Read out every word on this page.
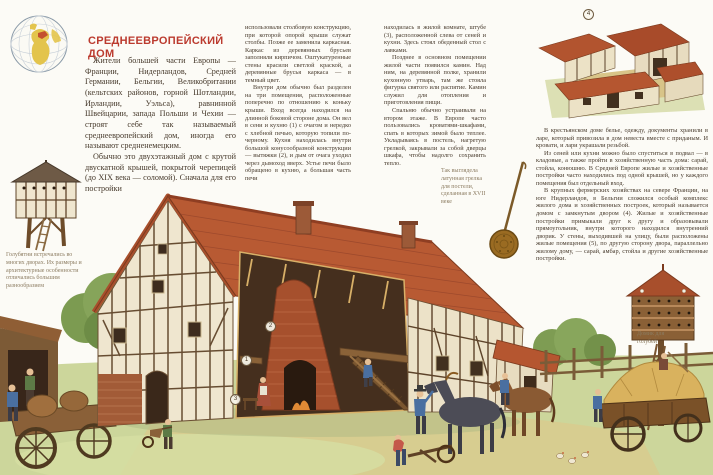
СРЕДНЕЕВРОПЕЙСКИЙ
ДОМ

Жители большей части Европы — Франции, Нидерландов, Средней Германии, Бельгии, Великобритании (кельтских районов, горной Шотландии, Ирландии, Уэльса), равнинной Швейцарии, запада Польши и Чехии — строят себе так называемый среднеевропейский дом, иногда его называют средненемецким.

Обычно это двухэтажный дом с крутой двускатной крышей, покрытой черепицей (до XIX века — соломой). Сначала для его постройки

использовали столбовую конструкцию, при которой опорой крыши служат столбы. Позже ее заменила каркасная. Каркас из деревянных брусьев заполняли кирпичом. Оштукатуренные стены красили светлой краской, а деревянные брусья каркаса — в темный цвет.

Внутри дом обычно был разделен на три помещения, расположенные поперечно по отношению к коньку крыши. Вход всегда находился на длинной боковой стороне дома. Он вел в сени и кухню (1) с очагом и нередко с хлебной печью, которую топили по-черному. Кухня находилась внутри большой конусообразной конструкции — вытяжки (2), и дым от очага уходил через дымоход вверх. Устье печи было обращено в кухню, а большая часть печи

находилась в жилой комнате, штубе (3), расположенной слева от сеней и кухни. Здесь стоял обеденный стол с лавками.

Позднее в основном помещении жилой части появился камин. Над ним, на деревянной полке, хранили кухонную утварь, там же стояла фигурка святого или распятие. Камин служил для отопления и приготовления пищи.

Спальню обычно устраивали на втором этаже. В Европе часто пользовались кроватями-шкафами, спать в которых зимой было теплее. Укладываясь в постель, нагретую грелкой, закрывали за собой дверцы шкафа, чтобы надолго сохранить тепло.

В крестьянском доме белье, одежду, документы хранили в ларе, который привозила в дом невеста вместе с приданым. И кровати, и лари украшали резьбой.

Из сеней или кухни можно было спуститься в подвал — в кладовые, а также пройти в хозяйственную часть дома: сарай, стойла, конюшню. В Средней Европе жилые и хозяйственные постройки часто находились под одной крышей, но у каждого помещения был отдельный вход.

В крупных фермерских хозяйствах на севере Франции, на юге Нидерландов, в Бельгии сложился особый комплекс жилого дома и хозяйственных построек, который называется домом с замкнутым двором (4). Жилые и хозяйственные постройки примыкали друг к другу и образовывали прямоугольник, внутри которого находился внутренний дворик. У стены, выходившей на улицу, были расположены жилые помещения (5), по другую сторону двора, параллельно жилому дому, — сарай, амбар, стойла и другие хозяйственные постройки.

Голубятни встречались во многих дворах. Их размеры и архитектурные особенности отличались большим разнообразием
Так выглядела латунная грелка для постели, сделанная в XVII веке
Домик для голубей
1
2
3
4
